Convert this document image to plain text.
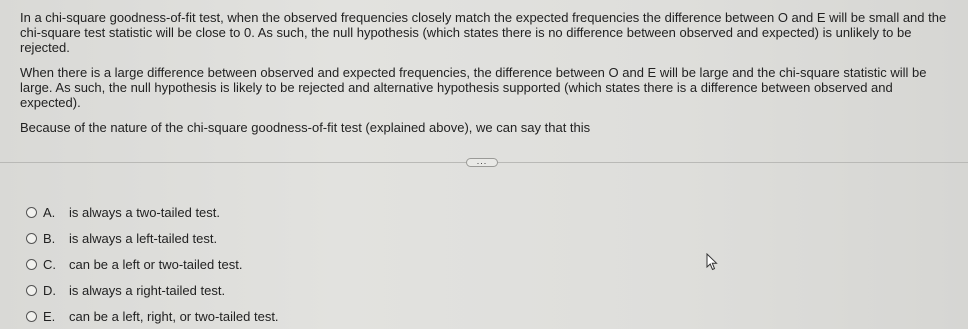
In a chi-square goodness-of-fit test, when the observed frequencies closely match the expected frequencies the difference between O and E will be small and the chi-square test statistic will be close to 0. As such, the null hypothesis (which states there is no difference between observed and expected) is unlikely to be rejected.

When there is a large difference between observed and expected frequencies, the difference between O and E will be large and the chi-square statistic will be large. As such, the null hypothesis is likely to be rejected and alternative hypothesis supported (which states there is a difference between observed and expected).

Because of the nature of the chi-square goodness-of-fit test (explained above), we can say that this

...
A.	is always a two-tailed test.
B.	is always a left-tailed test.
C.	can be a left or two-tailed test.
D.	is always a right-tailed test.
E.	can be a left, right, or two-tailed test.
